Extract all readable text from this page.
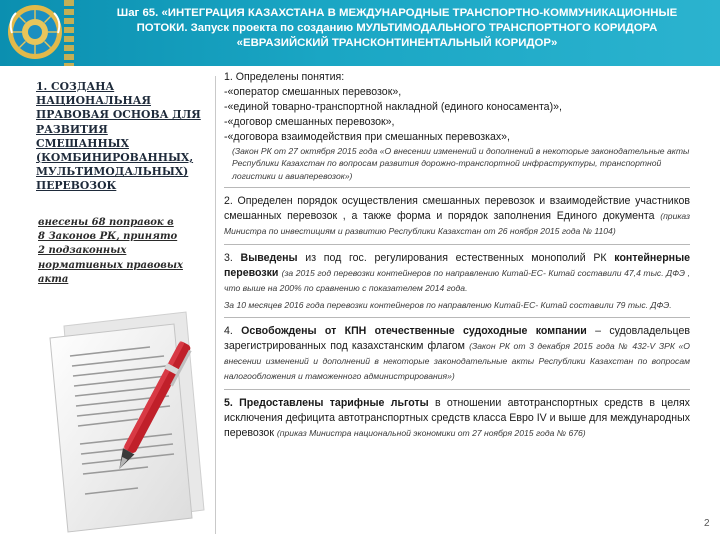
Шаг 65. «ИНТЕГРАЦИЯ КАЗАХСТАНА В МЕЖДУНАРОДНЫЕ ТРАНСПОРТНО-КОММУНИКАЦИОННЫЕ
ПОТОКИ. Запуск проекта по созданию МУЛЬТИМОДАЛЬНОГО ТРАНСПОРТНОГО КОРИДОРА
«ЕВРАЗИЙСКИЙ ТРАНСКОНТИНЕНТАЛЬНЫЙ КОРИДОР»
1. СОЗДАНА
НАЦИОНАЛЬНАЯ
ПРАВОВАЯ ОСНОВА ДЛЯ
РАЗВИТИЯ
СМЕШАННЫХ
(КОМБИНИРОВАННЫХ,
МУЛЬТИМОДАЛЬНЫХ)
ПЕРЕВОЗОК
внесены 68 поправок в
8 Законов РК, принято
2 подзаконных
нормативных правовых
акта
1. Определены понятия:
-«оператор смешанных перевозок»,
-«единой товарно-транспортной накладной (единого коносамента)»,
-«договор смешанных перевозок»,
-«договора взаимодействия при смешанных перевозках»,
(Закон РК от 27 октября 2015 года «О внесении изменений и дополнений в некоторые законодательные акты Республики Казахстан по вопросам развития дорожно-транспортной инфраструктуры, транспортной логистики и авиаперевозок»)
2. Определен порядок осуществления смешанных перевозок и взаимодействие участников смешанных перевозок , а также форма и порядок заполнения Единого документа (приказ Министра по инвестициям и развитию Республики Казахстан от 26 ноября 2015 года № 1104)
3. Выведены из под гос. регулирования естественных монополий РК контейнерные перевозки (за 2015 год перевозки контейнеров по направлению Китай-ЕС- Китай составили 47,4 тыс. ДФЭ , что выше на 200% по сравнению с показателем 2014 года.
За 10 месяцев 2016 года перевозки контейнеров по направлению Китай-ЕС- Китай составили 79 тыс. ДФЭ.
4. Освобождены от КПН отечественные судоходные компании – судовладельцев зарегистрированных под казахстанским флагом (Закон РК от 3 декабря 2015 года № 432-V ЗРК «О внесении изменений и дополнений в некоторые законодательные акты Республики Казахстан по вопросам налогообложения и таможенного администрирования»)
5. Предоставлены тарифные льготы в отношении автотранспортных средств в целях исключения дефицита автотранспортных средств класса Евро IV и выше для международных перевозок (приказ Министра национальной экономики от 27 ноября 2015 года № 676)
2
